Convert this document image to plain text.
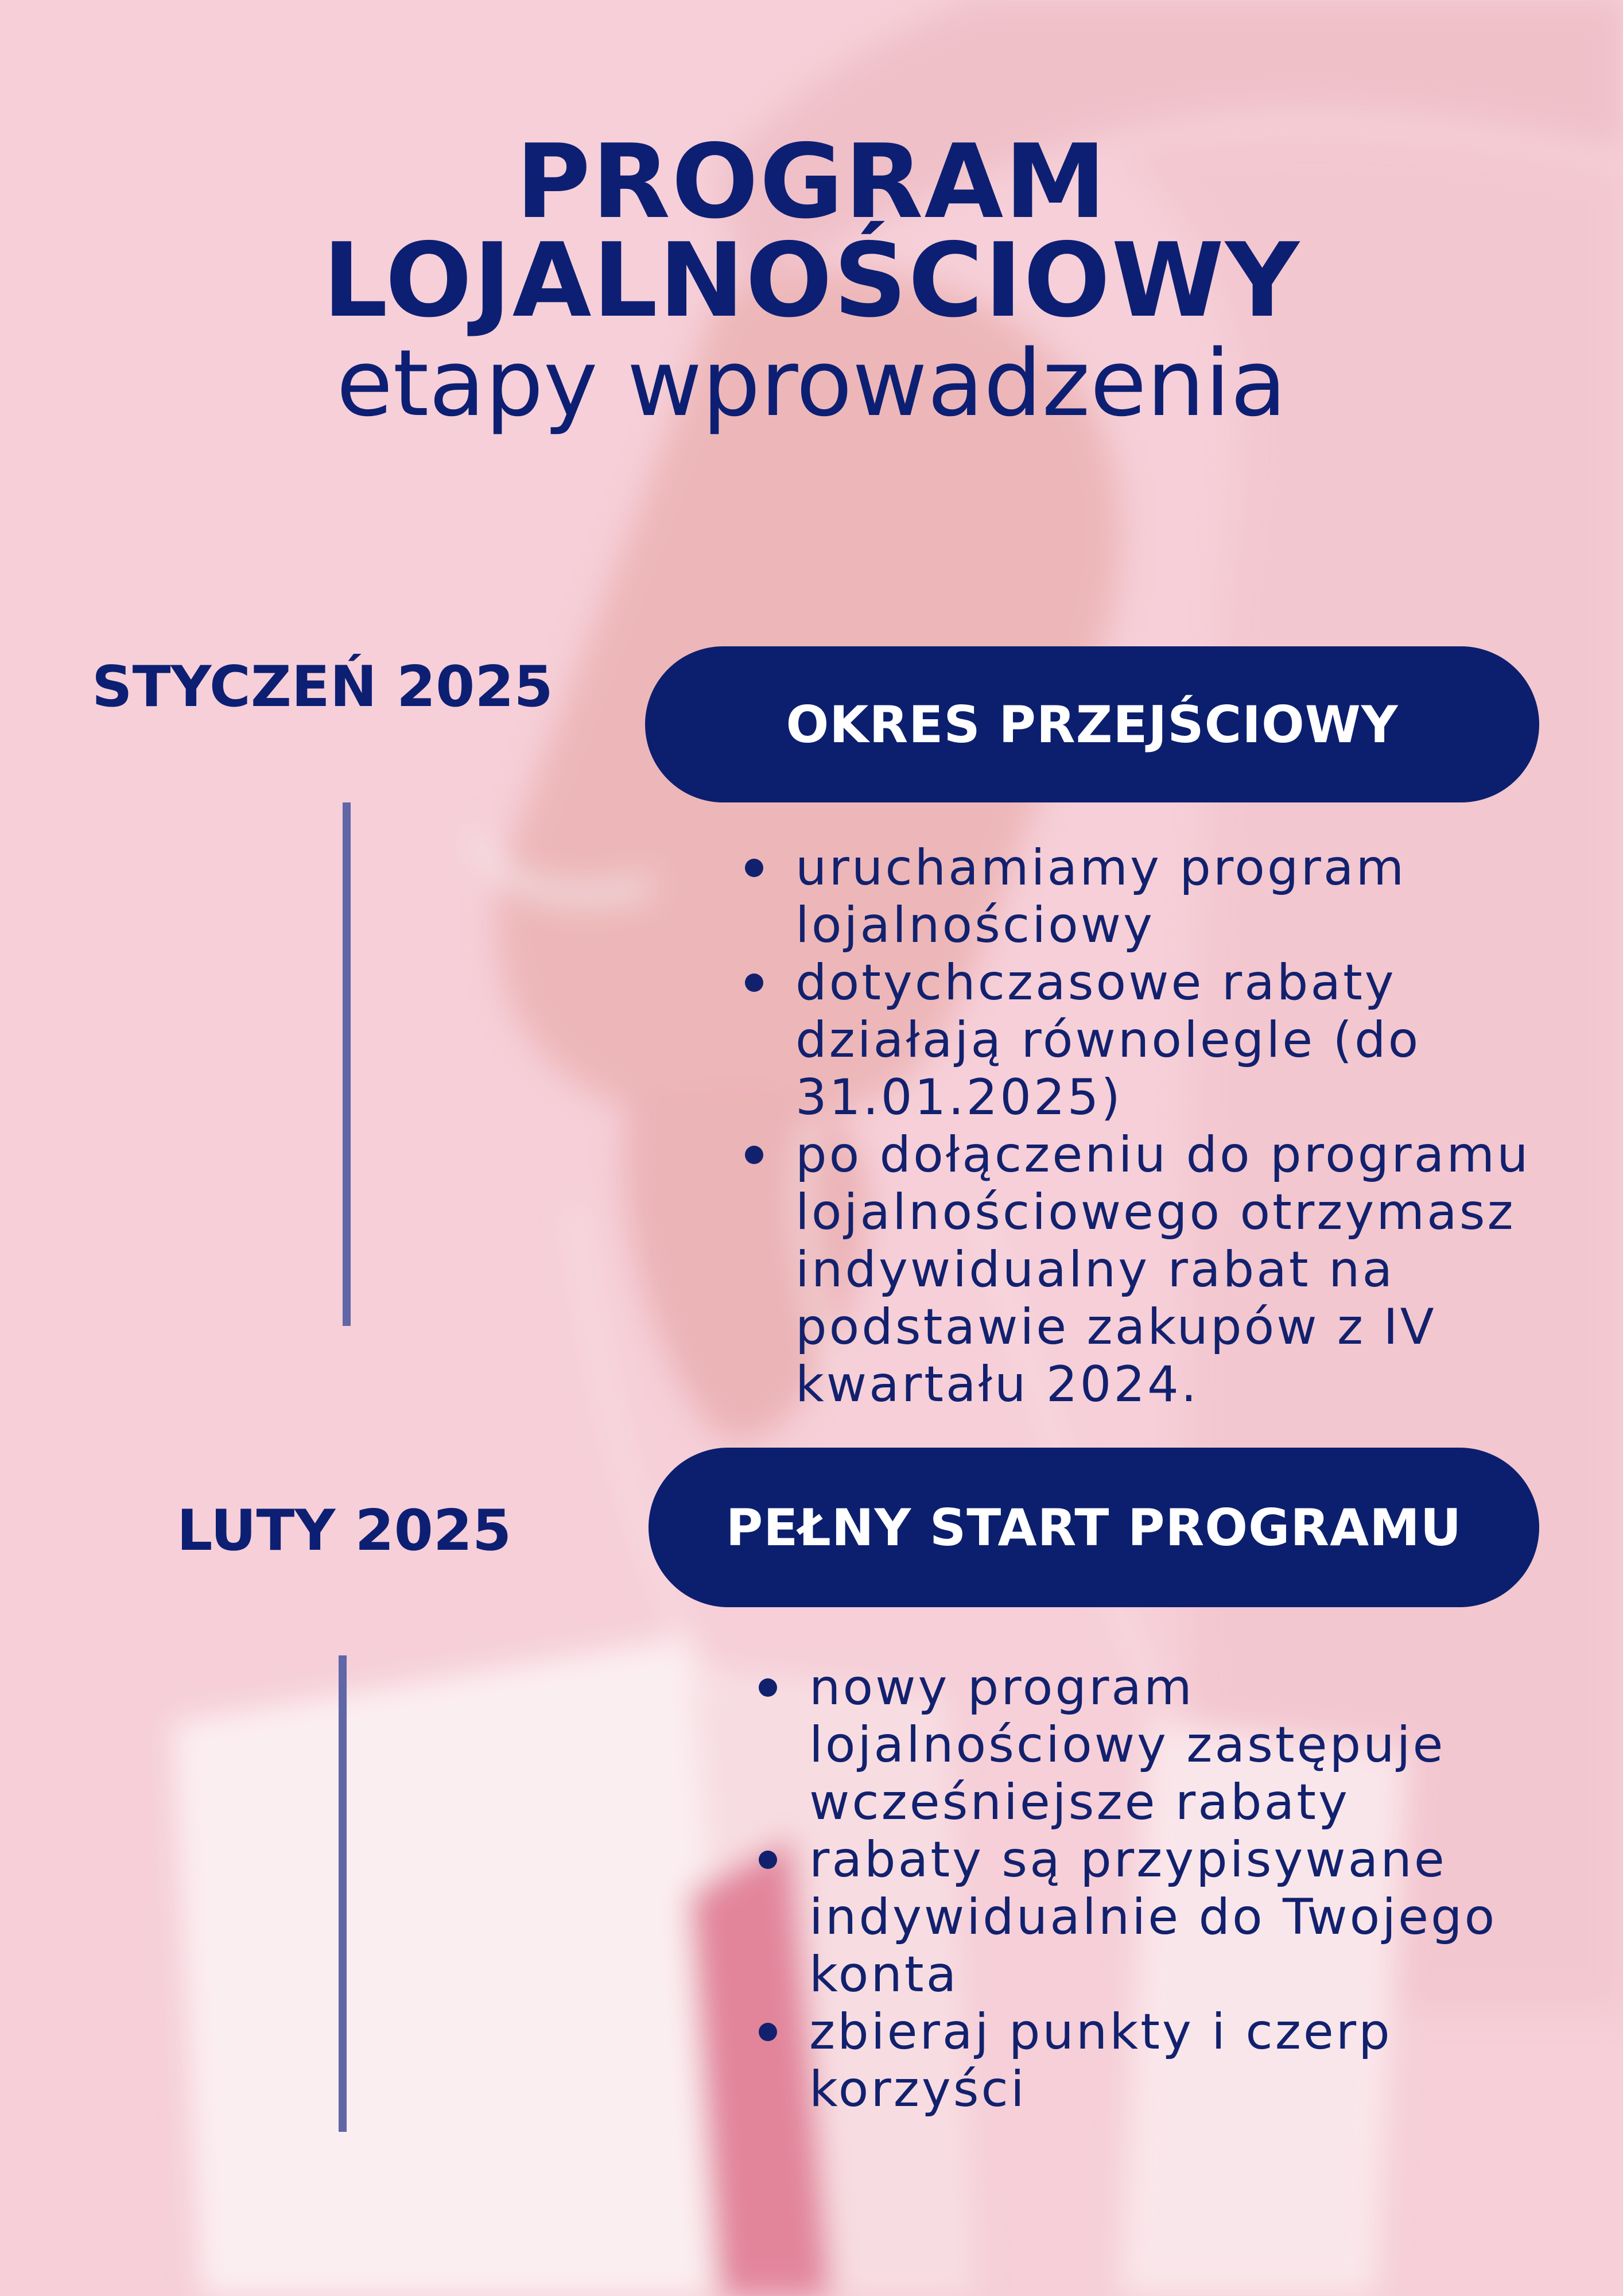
PROGRAM
LOJALNOŚCIOWY
etapy wprowadzenia
STYCZEŃ 2025
OKRES PRZEJŚCIOWY
uruchamiamy program lojalnościowy
dotychczasowe rabaty działają równolegle (do 31.01.2025)
po dołączeniu do programu lojalnościowego otrzymasz indywidualny rabat na podstawie zakupów z IV kwartału 2024.
LUTY 2025	PEŁNY START PROGRAMU
nowy program lojalnościowy zastępuje wcześniejsze rabaty
rabaty są przypisywane indywidualnie do Twojego konta
zbieraj punkty i czerp korzyści
